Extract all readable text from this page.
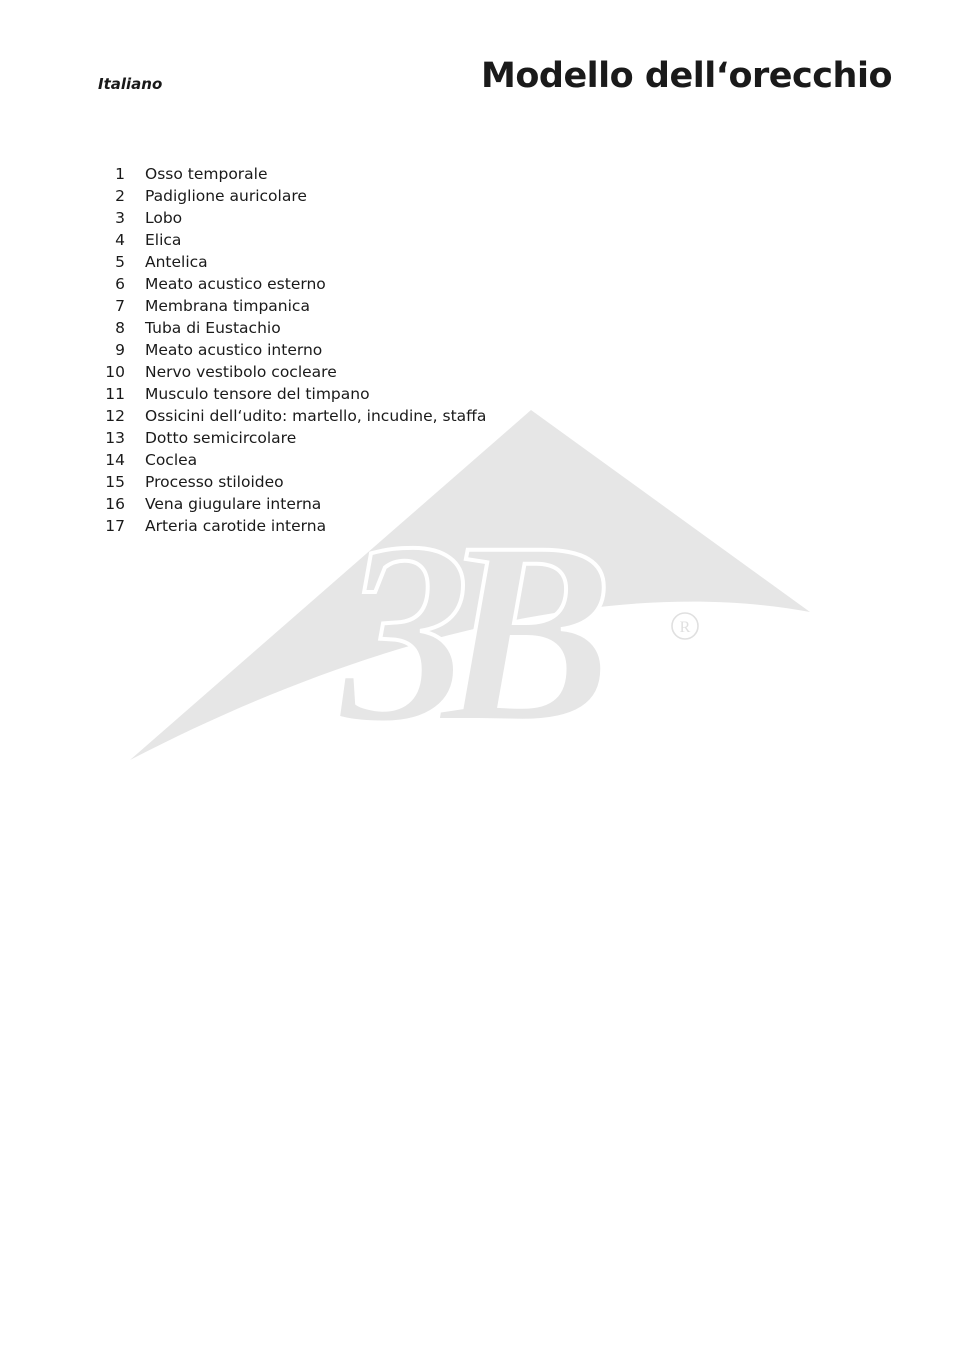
3B	R
Italiano	Modello dell‘orecchio
1 Osso temporale
2 Padiglione auricolare
3 Lobo
4 Elica
5 Antelica
6 Meato acustico esterno
7 Membrana timpanica
8 Tuba di Eustachio
9 Meato acustico interno
10 Nervo vestibolo cocleare
11 Musculo tensore del timpano
12 Ossicini dell‘udito: martello, incudine, staffa
13 Dotto semicircolare
14 Coclea
15 Processo stiloideo
16 Vena giugulare interna
17 Arteria carotide interna
